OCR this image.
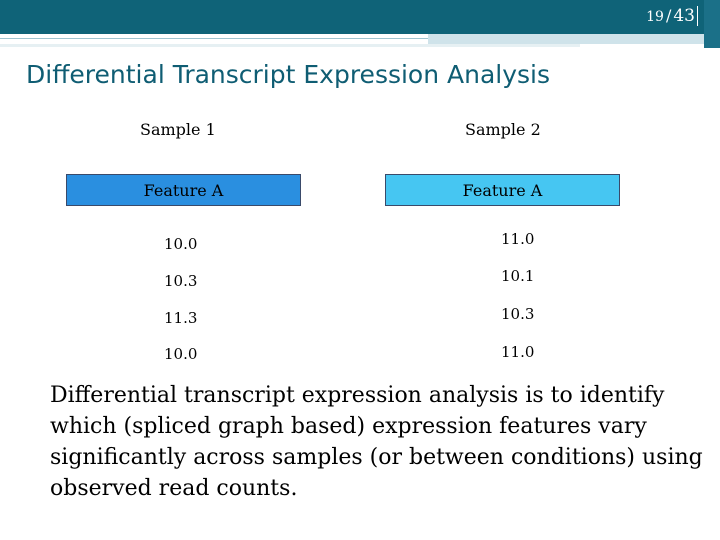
19 / 43
Differential Transcript Expression Analysis
Sample 1
Feature A
10.0
10.3
11.3
10.0
Sample 2
Feature A
11.0
10.1
10.3
11.0
Differential transcript expression analysis is to identify which (spliced graph based) expression features vary significantly across samples (or between conditions) using observed read counts.
